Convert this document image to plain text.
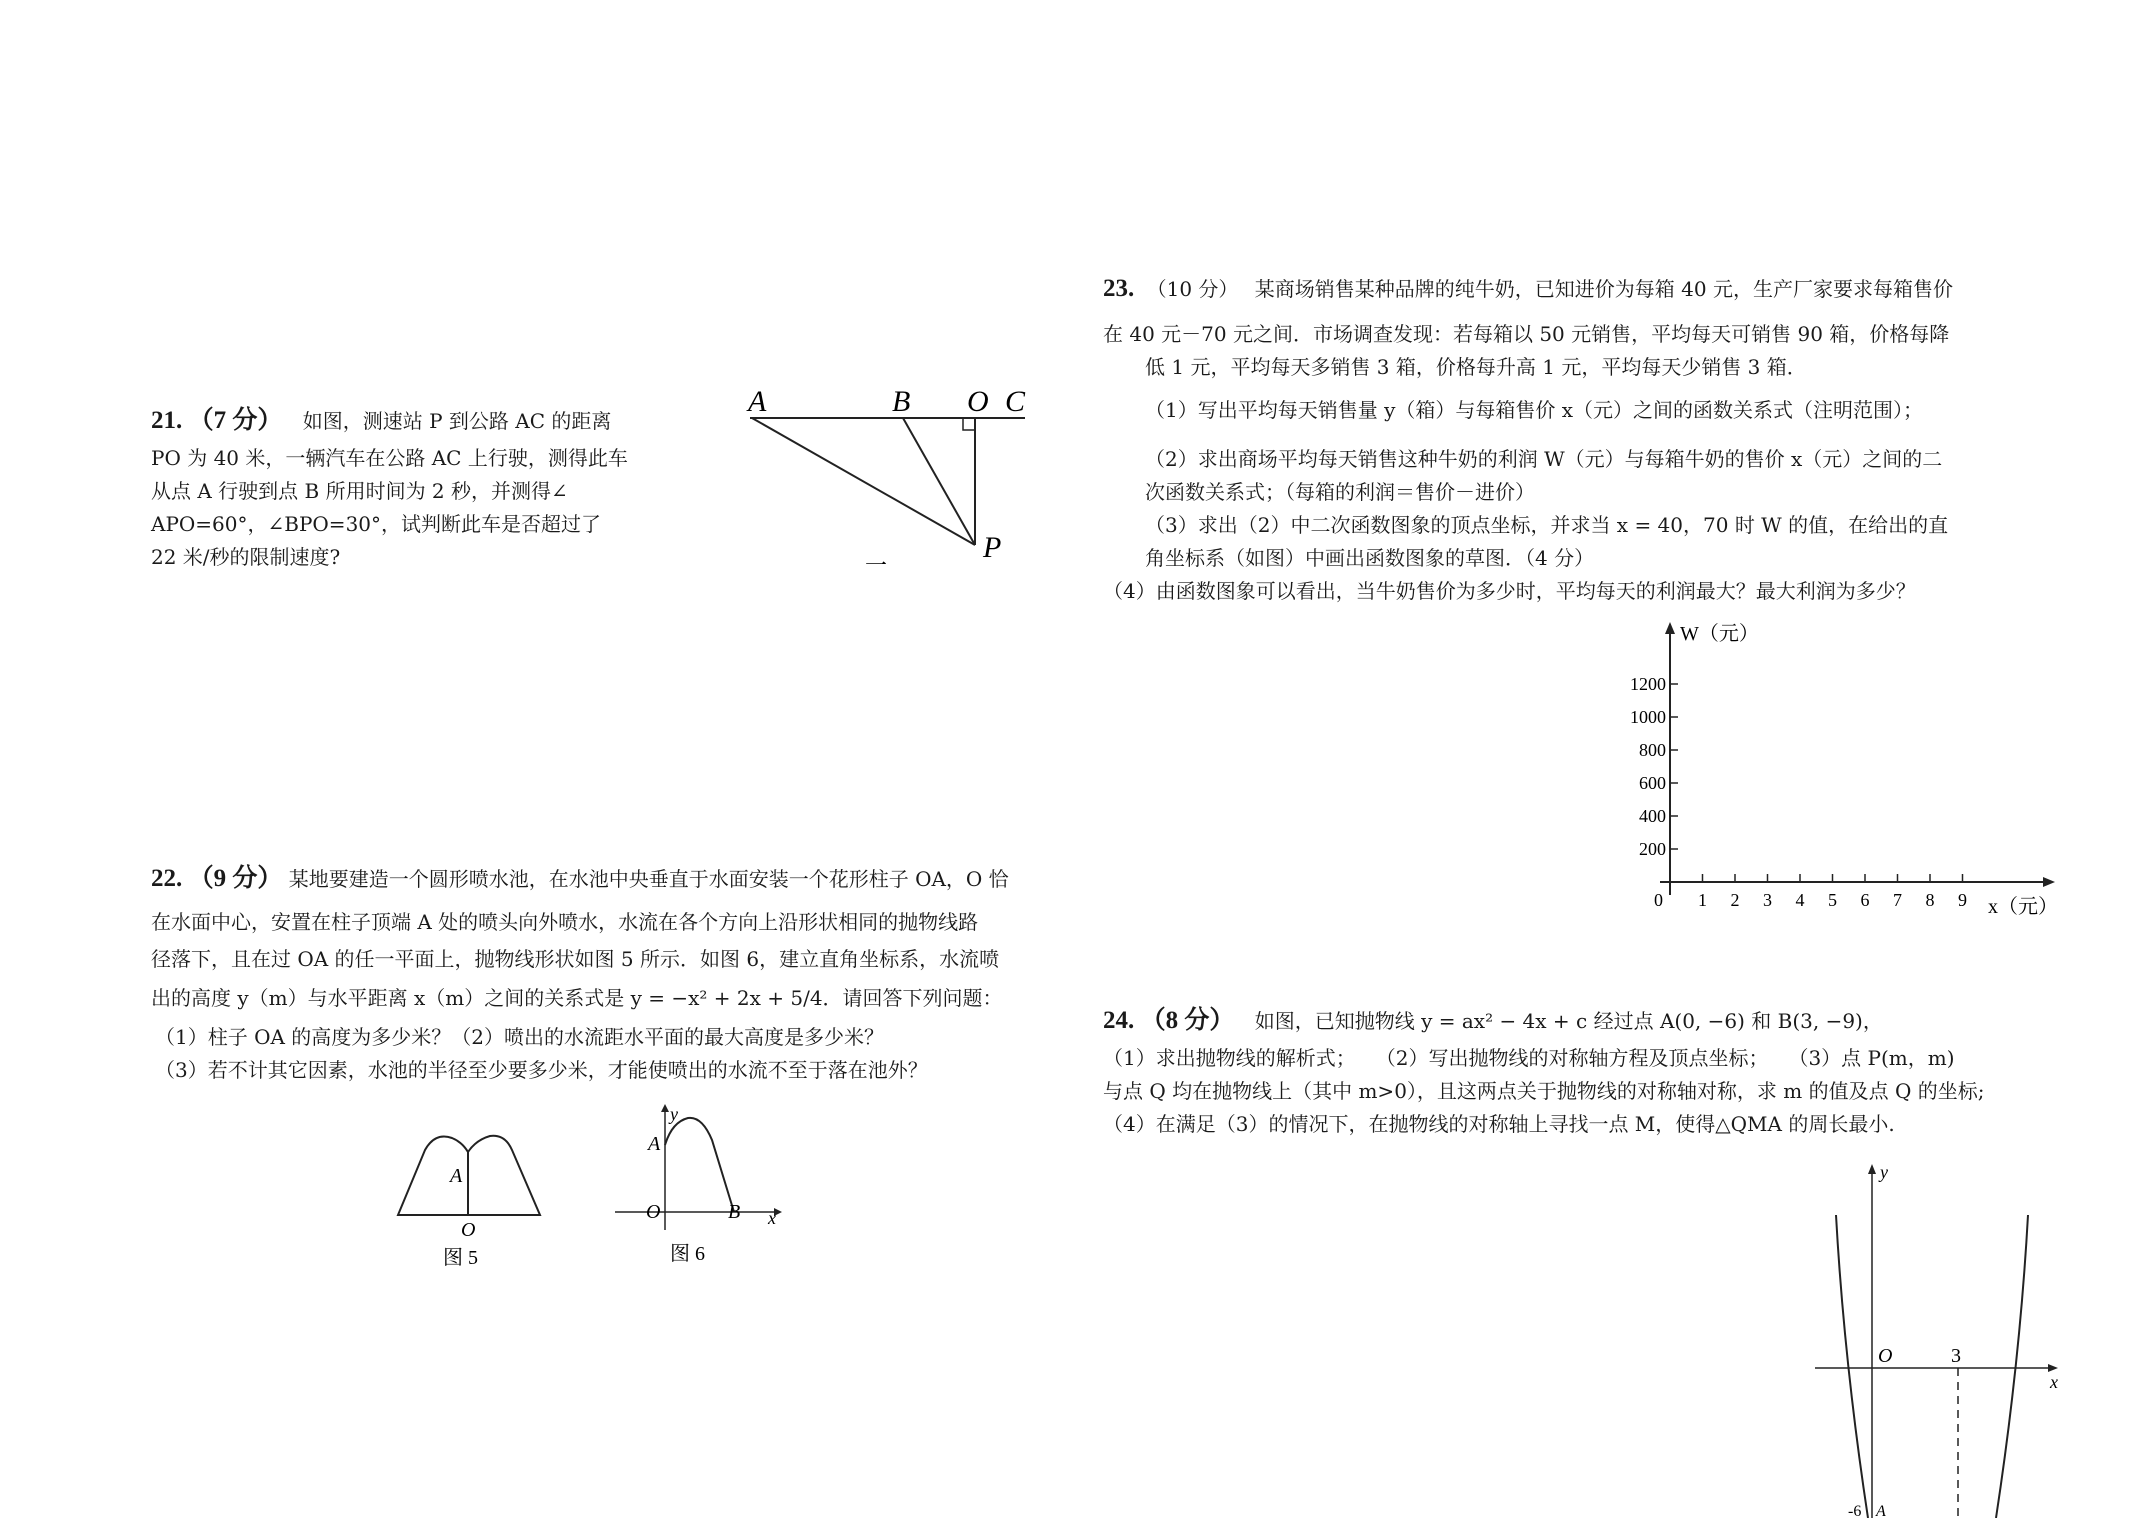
21. （7 分） 如图，测速站 P 到公路 AC 的距离
PO 为 40 米，一辆汽车在公路 AC 上行驶，测得此车
从点 A 行驶到点 B 所用时间为 2 秒，并测得∠
APO=60°，∠BPO=30°，试判断此车是否超过了
22 米/秒的限制速度?
A	B O C
P
一
22. （9 分） 某地要建造一个圆形喷水池，在水池中央垂直于水面安装一个花形柱子 OA，O 恰
在水面中心，安置在柱子顶端 A 处的喷头向外喷水，水流在各个方向上沿形状相同的抛物线路
径落下，且在过 OA 的任一平面上，抛物线形状如图 5 所示．如图 6，建立直角坐标系，水流喷
出的高度 y（m）与水平距离 x（m）之间的关系式是 y = −x² + 2x + 5/4．请回答下列问题：
（1）柱子 OA 的高度为多少米？（2）喷出的水流距水平面的最大高度是多少米？
（3）若不计其它因素，水池的半径至少要多少米，才能使喷出的水流不至于落在池外？
A
O
图 5
y
A
O	B x
图 6
23. （10 分） 某商场销售某种品牌的纯牛奶，已知进价为每箱 40 元，生产厂家要求每箱售价
在 40 元－70 元之间．市场调查发现：若每箱以 50 元销售，平均每天可销售 90 箱，价格每降
低 1 元，平均每天多销售 3 箱，价格每升高 1 元，平均每天少销售 3 箱．
（1）写出平均每天销售量 y（箱）与每箱售价 x（元）之间的函数关系式（注明范围）；
（2）求出商场平均每天销售这种牛奶的利润 W（元）与每箱牛奶的售价 x（元）之间的二
次函数关系式；（每箱的利润＝售价－进价）
（3）求出（2）中二次函数图象的顶点坐标，并求当 x = 40，70 时 W 的值，在给出的直
角坐标系（如图）中画出函数图象的草图．（4 分）
（4）由函数图象可以看出，当牛奶售价为多少时，平均每天的利润最大？最大利润为多少？
200
400
600
800
1000
1200
1 2 3 4 5 6 7 8 9
0
W（元）
x（元）
24. （8 分） 如图，已知抛物线 y = ax² − 4x + c 经过点 A(0, −6) 和 B(3, −9)，
（1）求出抛物线的解析式；　　（2）写出抛物线的对称轴方程及顶点坐标；　　（3）点 P(m，m)
与点 Q 均在抛物线上（其中 m>0），且这两点关于抛物线的对称轴对称，求 m 的值及点 Q 的坐标;
（4）在满足（3）的情况下，在抛物线的对称轴上寻找一点 M，使得△QMA 的周长最小.
y
O	3
x
-6 A
